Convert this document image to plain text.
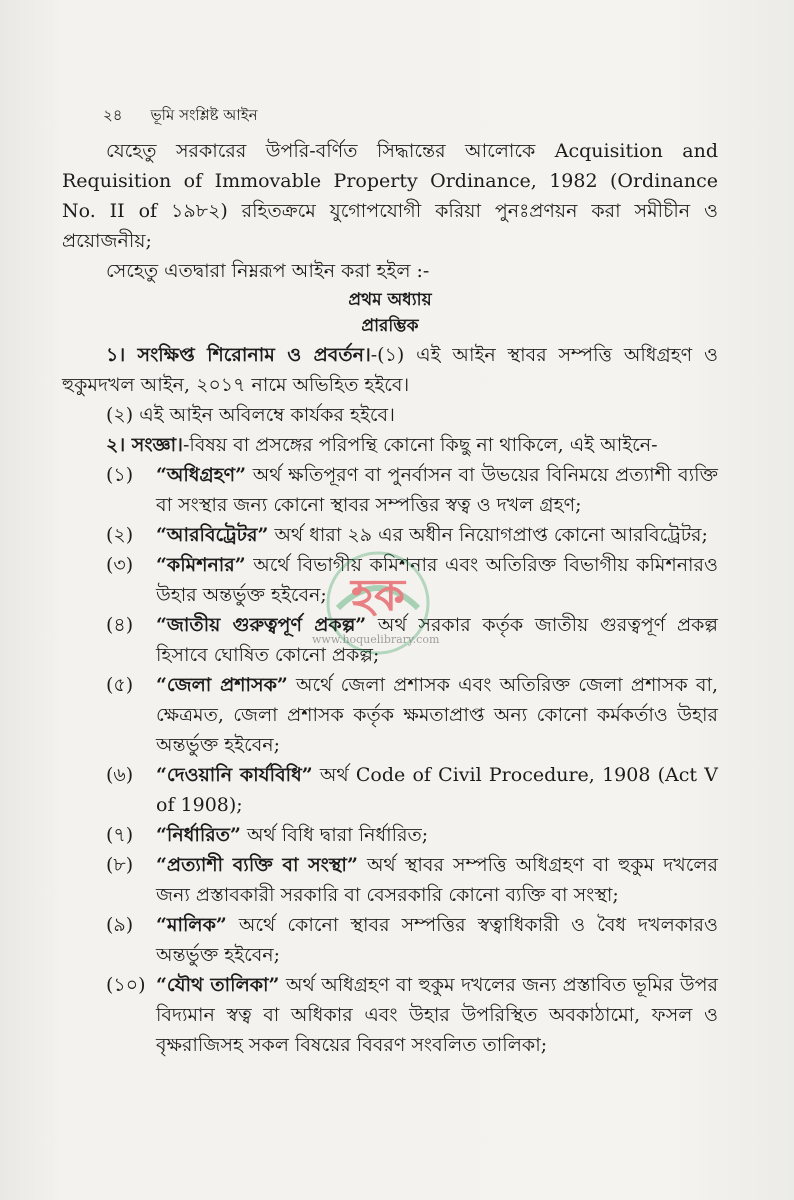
২৪ ভূমি সংশ্লিষ্ট আইন

যেহেতু সরকারের উপরি-বর্ণিত সিদ্ধান্তের আলোকে Acquisition and Requisition of Immovable Property Ordinance, 1982 (Ordinance No. II of ১৯৮২) রহিতক্রমে যুগোপযোগী করিয়া পুনঃপ্রণয়ন করা সমীচীন ও প্রয়োজনীয়;

সেহেতু এতদ্বারা নিম্নরূপ আইন করা হইল :-

প্রথম অধ্যায়

প্রারম্ভিক

১। সংক্ষিপ্ত শিরোনাম ও প্রবর্তন।-(১) এই আইন স্থাবর সম্পত্তি অধিগ্রহণ ও হুকুমদখল আইন, ২০১৭ নামে অভিহিত হইবে।

(২) এই আইন অবিলম্বে কার্যকর হইবে।

২। সংজ্ঞা।-বিষয় বা প্রসঙ্গের পরিপন্থি কোনো কিছু না থাকিলে, এই আইনে-

(১)	“অধিগ্রহণ” অর্থ ক্ষতিপূরণ বা পুনর্বাসন বা উভয়ের বিনিময়ে প্রত্যাশী ব্যক্তি বা সংস্থার জন্য কোনো স্থাবর সম্পত্তির স্বত্ব ও দখল গ্রহণ;
(২)	“আরবিট্রেটর” অর্থ ধারা ২৯ এর অধীন নিয়োগপ্রাপ্ত কোনো আরবিট্রেটর;
(৩)	“কমিশনার” অর্থে বিভাগীয় কমিশনার এবং অতিরিক্ত বিভাগীয় কমিশনারও উহার অন্তর্ভুক্ত হইবেন;
(৪)	“জাতীয় গুরুত্বপূর্ণ প্রকল্প” অর্থ সরকার কর্তৃক জাতীয় গুরত্বপূর্ণ প্রকল্প হিসাবে ঘোষিত কোনো প্রকল্প;
(৫)	“জেলা প্রশাসক” অর্থে জেলা প্রশাসক এবং অতিরিক্ত জেলা প্রশাসক বা, ক্ষেত্রমত, জেলা প্রশাসক কর্তৃক ক্ষমতাপ্রাপ্ত অন্য কোনো কর্মকর্তাও উহার অন্তর্ভুক্ত হইবেন;
(৬)	“দেওয়ানি কার্যবিধি” অর্থ Code of Civil Procedure, 1908 (Act V of 1908);
(৭)	“নির্ধারিত” অর্থ বিধি দ্বারা নির্ধারিত;
(৮)	“প্রত্যাশী ব্যক্তি বা সংস্থা” অর্থ স্থাবর সম্পত্তি অধিগ্রহণ বা হুকুম দখলের জন্য প্রস্তাবকারী সরকারি বা বেসরকারি কোনো ব্যক্তি বা সংস্থা;
(৯)	“মালিক” অর্থে কোনো স্থাবর সম্পত্তির স্বত্বাধিকারী ও বৈধ দখলকারও অন্তর্ভুক্ত হইবেন;
(১০) “যৌথ তালিকা” অর্থ অধিগ্রহণ বা হুকুম দখলের জন্য প্রস্তাবিত ভূমির উপর বিদ্যমান স্বত্ব বা অধিকার এবং উহার উপরিস্থিত অবকাঠামো, ফসল ও বৃক্ষরাজিসহ সকল বিষয়ের বিবরণ সংবলিত তালিকা;
হক
www.hoquelibrary.com
